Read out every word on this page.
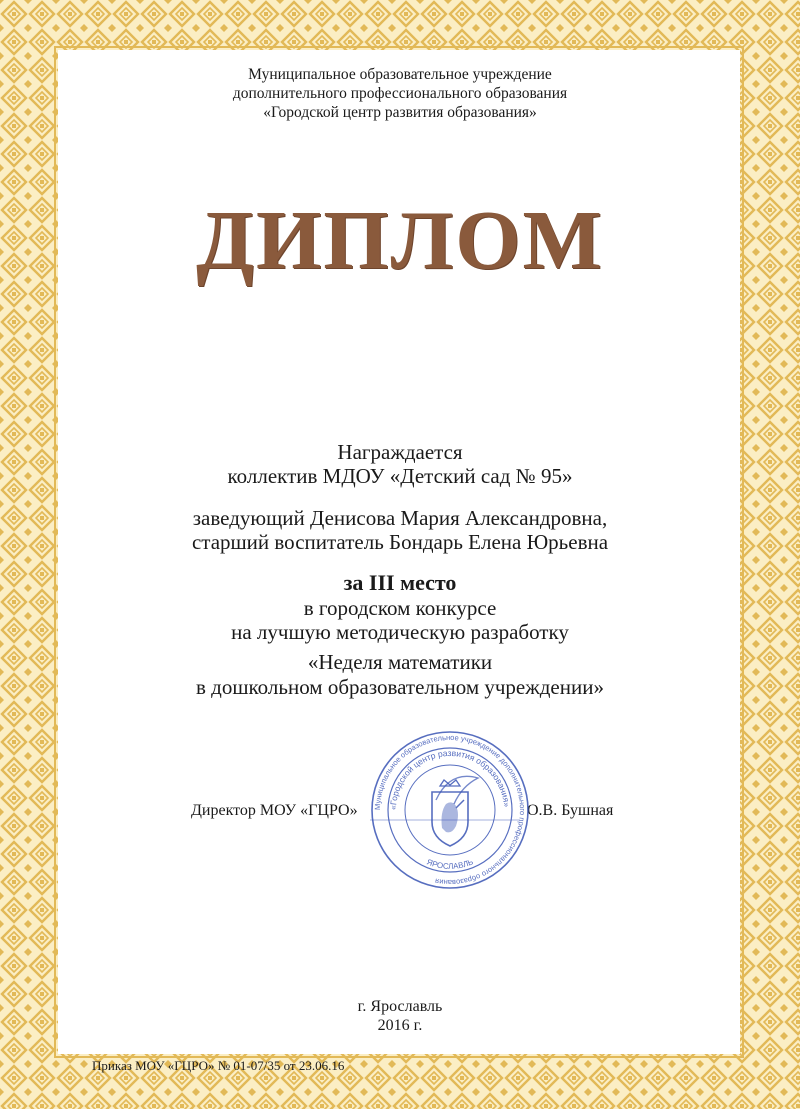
Муниципальное образовательное учреждение
дополнительного профессионального образования
«Городской центр развития образования»
ДИПЛОМ
Награждается
коллектив МДОУ «Детский сад № 95»
заведующий Денисова Мария Александровна,
старший воспитатель Бондарь Елена Юрьевна
за III место
в городском конкурсе
на лучшую методическую разработку
«Неделя математики
в дошкольном образовательном учреждении»
Директор МОУ «ГЦРО»	О.В. Бушная
Муниципальное образовательное учреждение дополнительного профессионального образования
«Городской центр развития образования»
ЯРОСЛАВЛЬ
г. Ярославль
2016 г.
Приказ МОУ «ГЦРО» № 01-07/35 от 23.06.16
